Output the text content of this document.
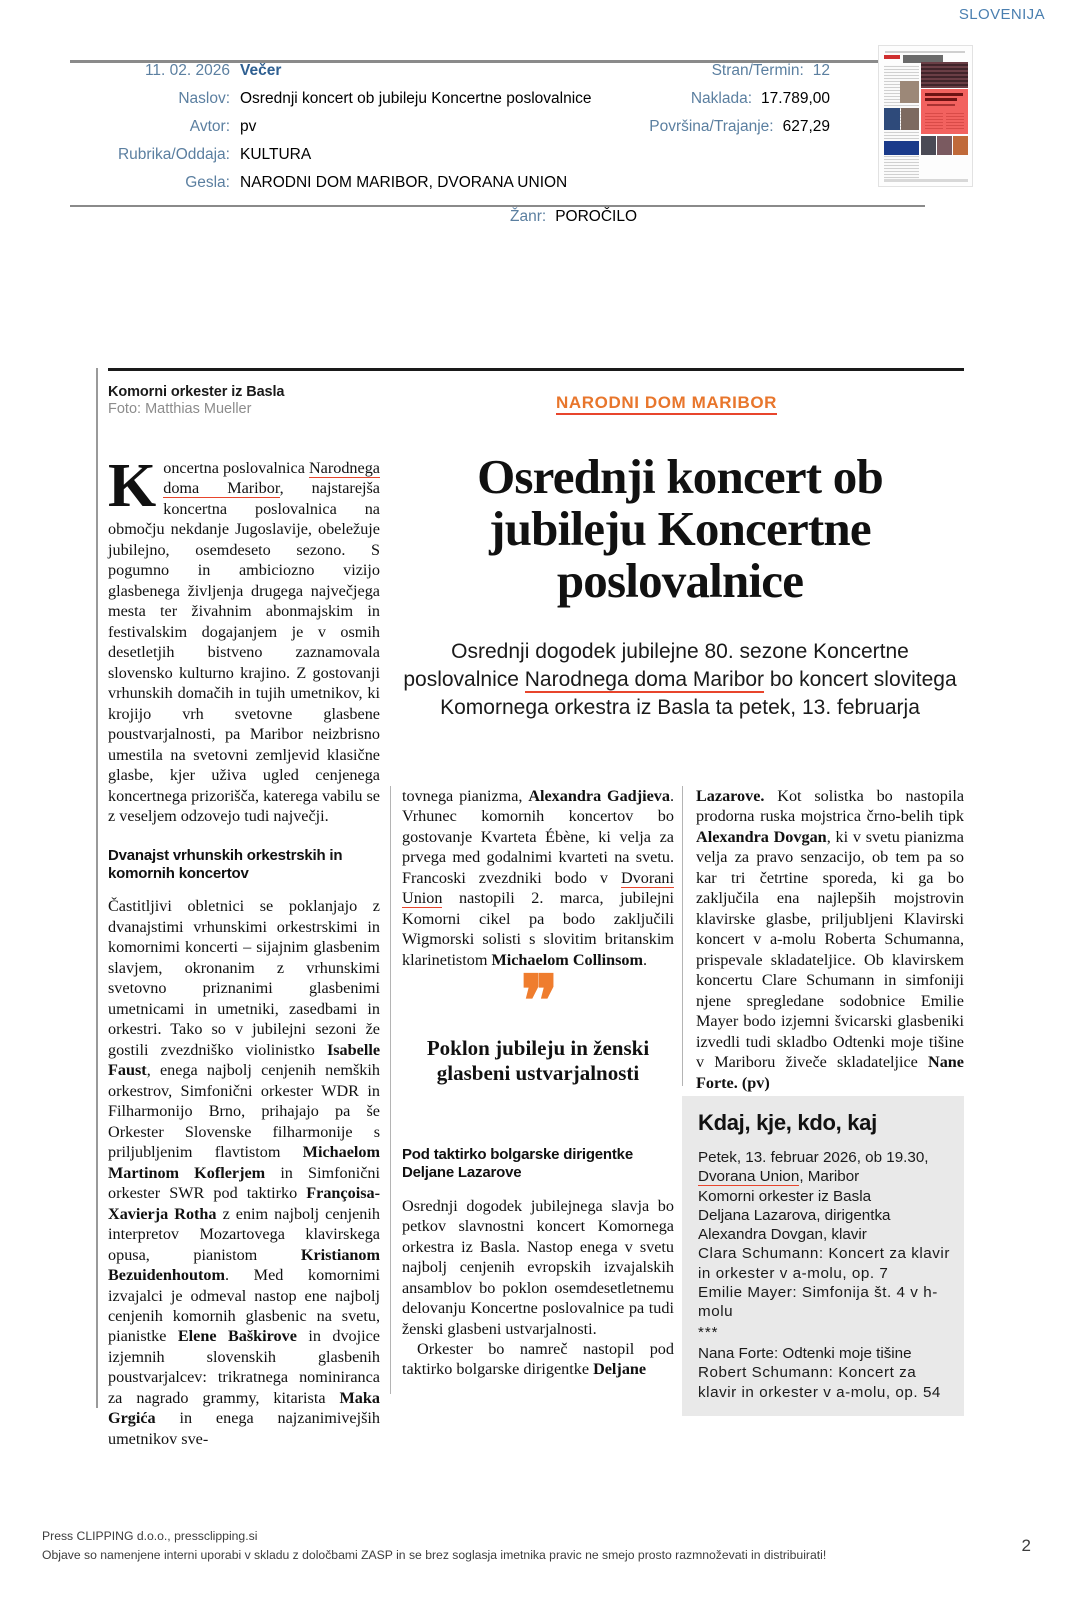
SLOVENIJA
11. 02. 2026 Večer
Naslov: Osrednji koncert ob jubileju Koncertne poslovalnice
Avtor: pv
Rubrika/Oddaja: KULTURA
Gesla: NARODNI DOM MARIBOR, DVORANA UNION
Stran/Termin: 12
Naklada: 17.789,00
Površina/Trajanje: 627,29
Žanr: POROČILO
Komorni orkester iz Basla
Foto: Matthias Mueller	NARODNI DOM MARIBOR
Osrednji koncert ob jubileju Koncertne poslovalnice
Osrednji dogodek jubilejne 80. sezone Koncertne poslovalnice Narodnega doma Maribor bo koncert slovitega Komornega orkestra iz Basla ta petek, 13. februarja

Koncertna poslovalnica Narodnega doma Maribor, najstarejša koncertna poslovalnica na območju nekdanje Jugoslavije, obeležuje jubilejno, osemdeseto sezono. S pogumno in ambiciozno vizijo glasbenega življenja drugega največjega mesta ter živahnim abonmajskim in festivalskim dogajanjem je v osmih desetletjih bistveno zaznamovala slovensko kulturno krajino. Z gostovanji vrhunskih domačih in tujih umetnikov, ki krojijo vrh svetovne glasbene poustvarjalnosti, pa Maribor neizbrisno umestila na svetovni zemljevid klasične glasbe, kjer uživa ugled cenjenega koncertnega prizorišča, katerega vabilu se z veseljem odzovejo tudi največji.

Dvanajst vrhunskih orkestrskih in komornih koncertov

Častitljivi obletnici se poklanjajo z dvanajstimi vrhunskimi orkestrskimi in komornimi koncerti – sijajnim glasbenim slavjem, okronanim z vrhunskimi svetovno priznanimi glasbenimi umetnicami in umetniki, zasedbami in orkestri. Tako so v jubilejni sezoni že gostili zvezdniško violinistko Isabelle Faust, enega najbolj cenjenih nemških orkestrov, Simfonični orkester WDR in Filharmonijo Brno, prihajajo pa še Orkester Slovenske filharmonije s priljubljenim flavtistom Michaelom Martinom Koflerjem in Simfonični orkester SWR pod taktirko Françoisa-Xavierja Rotha z enim najbolj cenjenih interpretov Mozartovega klavirskega opusa, pianistom Kristianom Bezuidenhoutom. Med komornimi izvajalci je odmeval nastop ene najbolj cenjenih komornih glasbenic na svetu, pianistke Elene Baškirove in dvojice izjemnih slovenskih glasbenih poustvarjalcev: trikratnega nominiranca za nagrado grammy, kitarista Maka Grgića in enega najzanimivejših umetnikov sve-

tovnega pianizma, Alexandra Gadjieva. Vrhunec komornih koncertov bo gostovanje Kvarteta Ébène, ki velja za prvega med godalnimi kvarteti na svetu. Francoski zvezdniki bodo v Dvorani Union nastopili 2. marca, jubilejni Komorni cikel pa bodo zaključili Wigmorski solisti s slovitim britanskim klarinetistom Michaelom Collinsom.

❞
Poklon jubileju in ženski glasbeni ustvarjalnosti
Pod taktirko bolgarske dirigentke Deljane Lazarove

Osrednji dogodek jubilejnega slavja bo petkov slavnostni koncert Komornega orkestra iz Basla. Nastop enega v svetu najbolj cenjenih evropskih izvajalskih ansamblov bo poklon osemdesetletnemu delovanju Koncertne poslovalnice pa tudi ženski glasbeni ustvarjalnosti.

Orkester bo namreč nastopil pod taktirko bolgarske dirigentke Deljane

Lazarove. Kot solistka bo nastopila prodorna ruska mojstrica črno-belih tipk Alexandra Dovgan, ki v svetu pianizma velja za pravo senzacijo, ob tem pa so kar tri četrtine sporeda, ki ga bo zaključila ena najlepših mojstrovin klavirske glasbe, priljubljeni Klavirski koncert v a-molu Roberta Schumanna, prispevale skladateljice. Ob klavirskem koncertu Clare Schumann in simfoniji njene spregledane sodobnice Emilie Mayer bodo izjemni švicarski glasbeniki izvedli tudi skladbo Odtenki moje tišine v Mariboru živeče skladateljice Nane Forte. (pv)

Kdaj, kje, kdo, kaj
Petek, 13. februar 2026, ob 19.30,
Dvorana Union, Maribor
Komorni orkester iz Basla
Deljana Lazarova, dirigentka
Alexandra Dovgan, klavir
Clara Schumann: Koncert za klavir in orkester v a-molu, op. 7
Emilie Mayer: Simfonija št. 4 v h-molu
***
Nana Forte: Odtenki moje tišine
Robert Schumann: Koncert za klavir in orkester v a-molu, op. 54
Press CLIPPING d.o.o., pressclipping.si
Objave so namenjene interni uporabi v skladu z določbami ZASP in se brez soglasja imetnika pravic ne smejo prosto razmnoževati in distribuirati!	2
